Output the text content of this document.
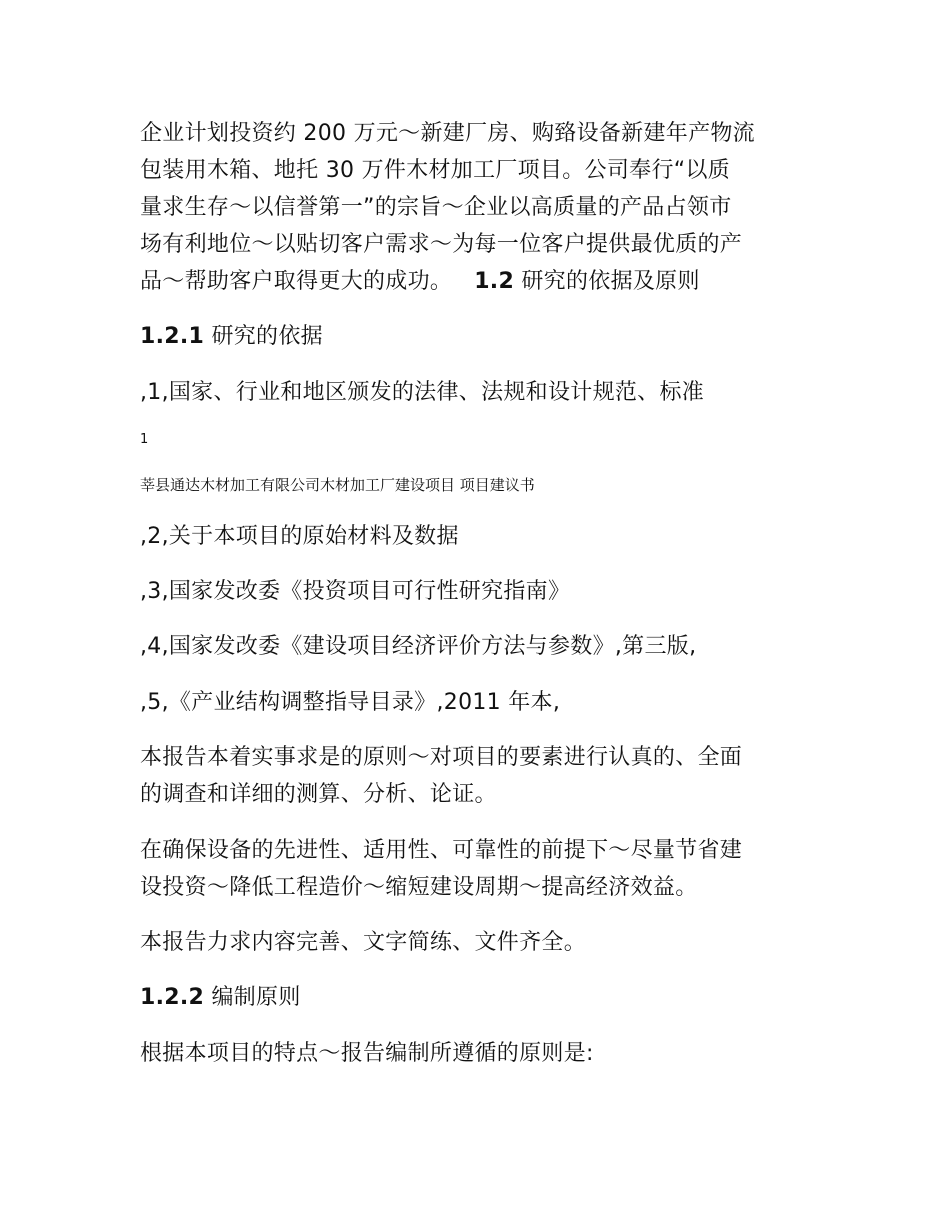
企业计划投资约 200 万元～新建厂房、购臵设备新建年产物流
包装用木箱、地托 30 万件木材加工厂项目。公司奉行“以质
量求生存～以信誉第一”的宗旨～企业以高质量的产品占领市
场有利地位～以贴切客户需求～为每一位客户提供最优质的产
品～帮助客户取得更大的成功。 1.2 研究的依据及原则
1.2.1 研究的依据
,1,国家、行业和地区颁发的法律、法规和设计规范、标准
1
莘县通达木材加工有限公司木材加工厂建设项目 项目建议书
,2,关于本项目的原始材料及数据
,3,国家发改委《投资项目可行性研究指南》
,4,国家发改委《建设项目经济评价方法与参数》,第三版,
,5,《产业结构调整指导目录》,2011 年本,
本报告本着实事求是的原则～对项目的要素进行认真的、全面
的调查和详细的测算、分析、论证。
在确保设备的先进性、适用性、可靠性的前提下～尽量节省建
设投资～降低工程造价～缩短建设周期～提高经济效益。
本报告力求内容完善、文字简练、文件齐全。
1.2.2 编制原则
根据本项目的特点～报告编制所遵循的原则是:
